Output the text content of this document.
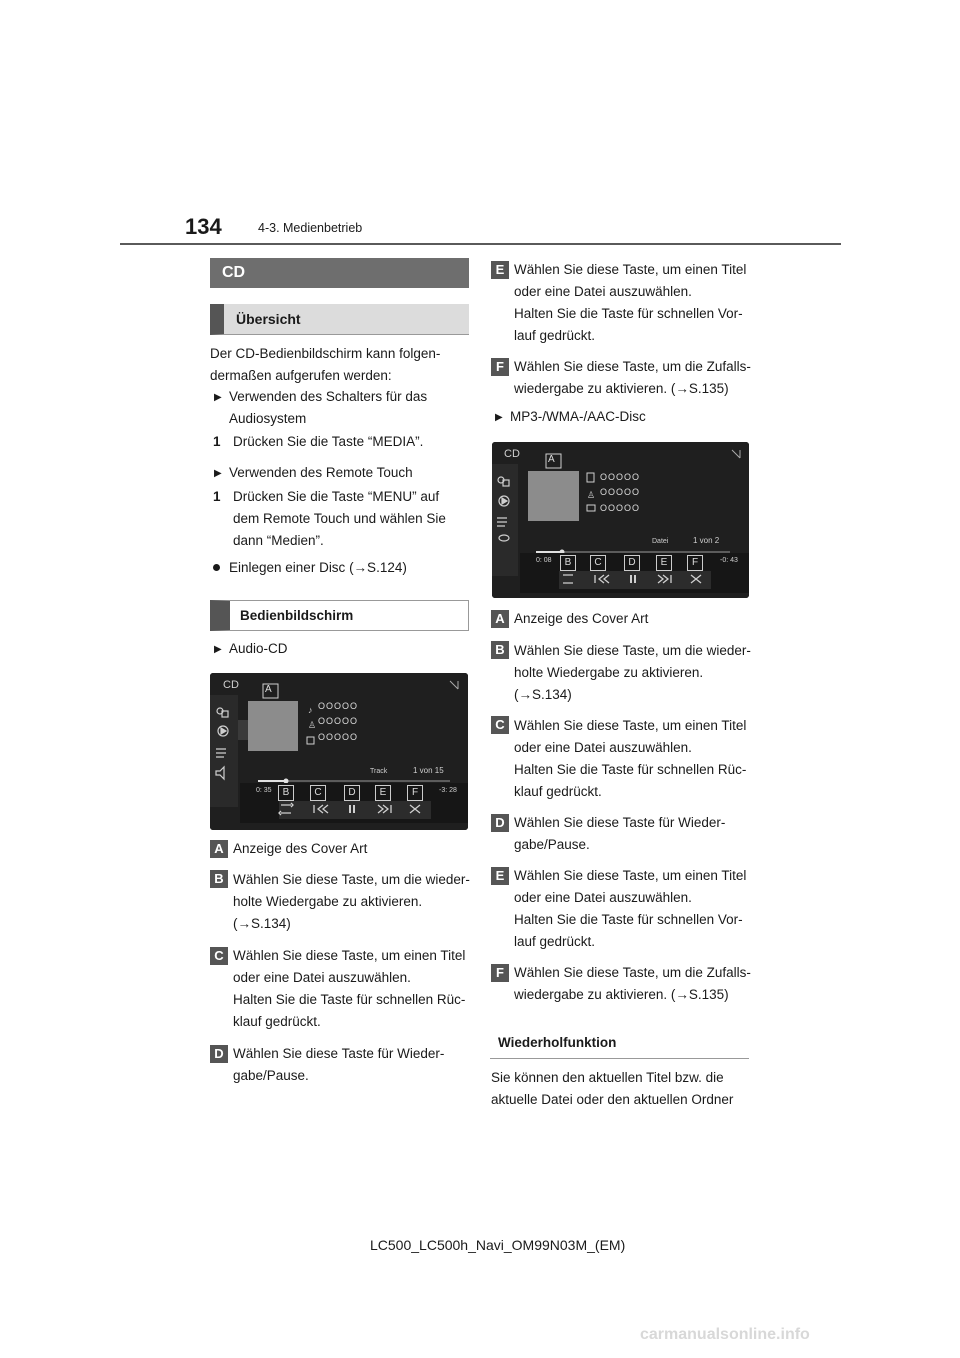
134	4-3. Medienbetrieb
CD
Übersicht
Der CD-Bedienbildschirm kann folgen-
dermaßen aufgerufen werden:
▶ Verwenden des Schalters für das
Audiosystem
1 Drücken Sie die Taste “MEDIA”.
▶ Verwenden des Remote Touch
1 Drücken Sie die Taste “MENU” auf
dem Remote Touch und wählen Sie
dann “Medien”.
Einlegen einer Disc (→S.124)
Bedienbildschirm
▶ Audio-CD
♪
♙
CD
OOOOO
OOOOO
OOOOO
Track	1 von 15
0: 35	-3: 28
A
B	C	D	E	F
A Anzeige des Cover Art
B Wählen Sie diese Taste, um die wieder-
holte Wiedergabe zu aktivieren.
(→S.134)
C Wählen Sie diese Taste, um einen Titel
oder eine Datei auszuwählen.
Halten Sie die Taste für schnellen Rüc-
klauf gedrückt.
D Wählen Sie diese Taste für Wieder-
gabe/Pause.
E Wählen Sie diese Taste, um einen Titel
oder eine Datei auszuwählen.
Halten Sie die Taste für schnellen Vor-
lauf gedrückt.
F Wählen Sie diese Taste, um die Zufalls-
wiedergabe zu aktivieren. (→S.135)
▶ MP3-/WMA-/AAC-Disc
♙
CD
OOOOO
OOOOO
OOOOO
Datei	1 von 2
0: 08	-0: 43
A
B	C	D	E	F
A Anzeige des Cover Art
B Wählen Sie diese Taste, um die wieder-
holte Wiedergabe zu aktivieren.
(→S.134)
C Wählen Sie diese Taste, um einen Titel
oder eine Datei auszuwählen.
Halten Sie die Taste für schnellen Rüc-
klauf gedrückt.
D Wählen Sie diese Taste für Wieder-
gabe/Pause.
E Wählen Sie diese Taste, um einen Titel
oder eine Datei auszuwählen.
Halten Sie die Taste für schnellen Vor-
lauf gedrückt.
F Wählen Sie diese Taste, um die Zufalls-
wiedergabe zu aktivieren. (→S.135)
Wiederholfunktion
Sie können den aktuellen Titel bzw. die
aktuelle Datei oder den aktuellen Ordner
LC500_LC500h_Navi_OM99N03M_(EM)
carmanualsonline.info
